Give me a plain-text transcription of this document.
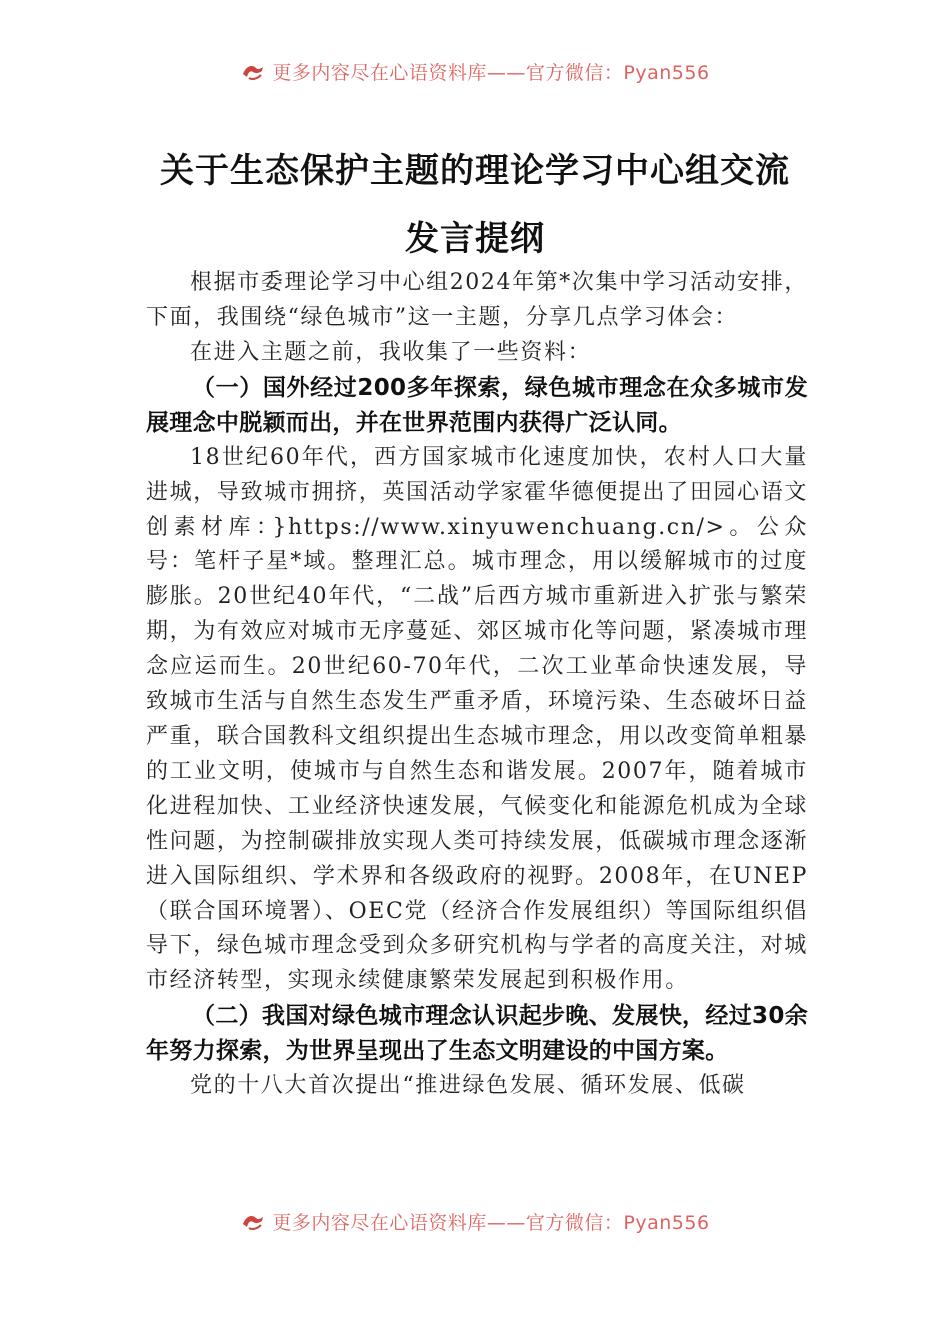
更多内容尽在心语资料库——官方微信：Pyan556
关于生态保护主题的理论学习中心组交流
发言提纲

根据市委理论学习中心组2024年第*次集中学习活动安排，下面，我围绕“绿色城市”这一主题，分享几点学习体会：

在进入主题之前，我收集了一些资料：

（一）国外经过200多年探索，绿色城市理念在众多城市发展理念中脱颖而出，并在世界范围内获得广泛认同。

18世纪60年代，西方国家城市化速度加快，农村人口大量进城，导致城市拥挤，英国活动学家霍华德便提出了田园心语文创素材库：}https://www.xinyuwenchuang.cn/>。公众号：笔杆子星*域。整理汇总。城市理念，用以缓解城市的过度膨胀。20世纪40年代，“二战”后西方城市重新进入扩张与繁荣期，为有效应对城市无序蔓延、郊区城市化等问题，紧凑城市理念应运而生。20世纪60-70年代，二次工业革命快速发展，导致城市生活与自然生态发生严重矛盾，环境污染、生态破坏日益严重，联合国教科文组织提出生态城市理念，用以改变简单粗暴的工业文明，使城市与自然生态和谐发展。2007年，随着城市化进程加快、工业经济快速发展，气候变化和能源危机成为全球性问题，为控制碳排放实现人类可持续发展，低碳城市理念逐渐进入国际组织、学术界和各级政府的视野。2008年，在UNEP（联合国环境署）、OEC党（经济合作发展组织）等国际组织倡导下，绿色城市理念受到众多研究机构与学者的高度关注，对城市经济转型，实现永续健康繁荣发展起到积极作用。

（二）我国对绿色城市理念认识起步晚、发展快，经过30余年努力探索，为世界呈现出了生态文明建设的中国方案。

党的十八大首次提出“推进绿色发展、循环发展、低碳

更多内容尽在心语资料库——官方微信：Pyan556
